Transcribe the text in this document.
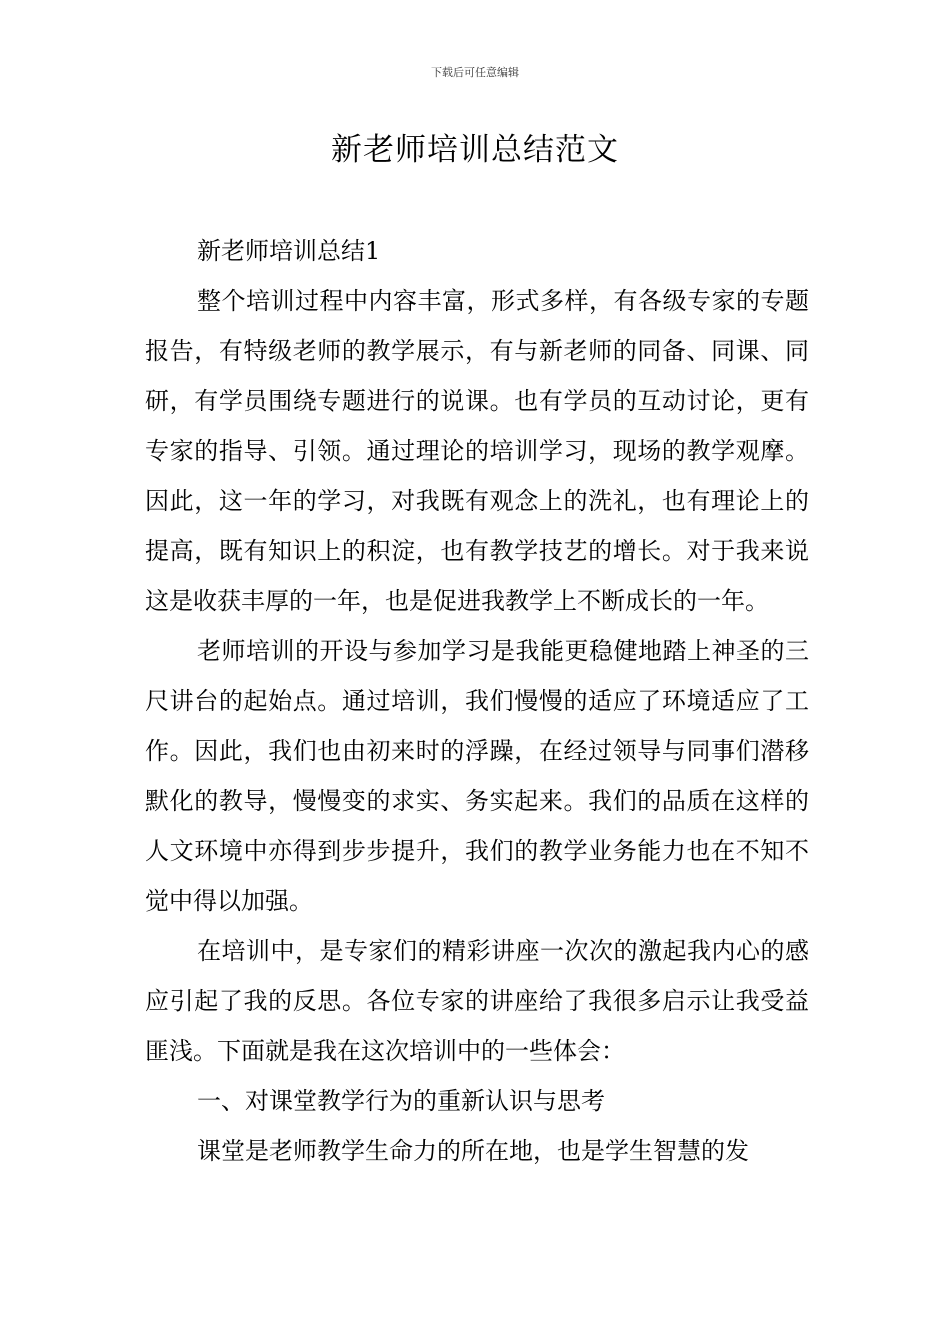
下载后可任意编辑
新老师培训总结范文

新老师培训总结1

整个培训过程中内容丰富，形式多样，有各级专家的专题报告，有特级老师的教学展示，有与新老师的同备、同课、同研，有学员围绕专题进行的说课。也有学员的互动讨论，更有专家的指导、引领。通过理论的培训学习，现场的教学观摩。因此，这一年的学习，对我既有观念上的洗礼，也有理论上的提高，既有知识上的积淀，也有教学技艺的增长。对于我来说这是收获丰厚的一年，也是促进我教学上不断成长的一年。

老师培训的开设与参加学习是我能更稳健地踏上神圣的三尺讲台的起始点。通过培训，我们慢慢的适应了环境适应了工作。因此，我们也由初来时的浮躁，在经过领导与同事们潜移默化的教导，慢慢变的求实、务实起来。我们的品质在这样的人文环境中亦得到步步提升，我们的教学业务能力也在不知不觉中得以加强。

在培训中，是专家们的精彩讲座一次次的激起我内心的感应引起了我的反思。各位专家的讲座给了我很多启示让我受益匪浅。下面就是我在这次培训中的一些体会：

一、对课堂教学行为的重新认识与思考

课堂是老师教学生命力的所在地，也是学生智慧的发
